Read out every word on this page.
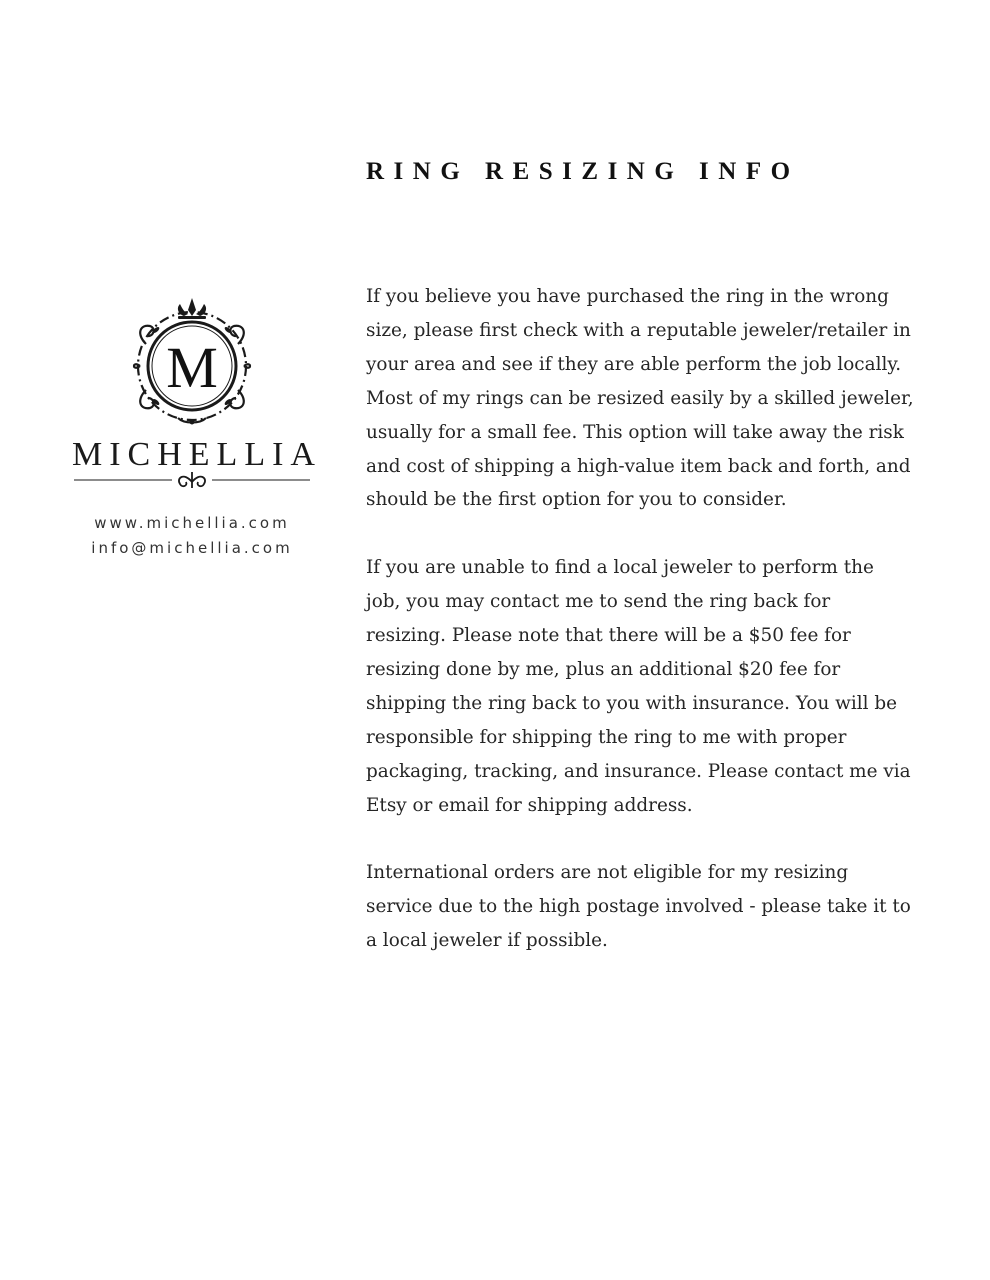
M
MICHELLIA
www.michellia.com
info@michellia.com
RING RESIZING INFO

If you believe you have purchased the ring in the wrong size, please first check with a reputable jeweler/retailer in your area and see if they are able perform the job locally. Most of my rings can be resized easily by a skilled jeweler, usually for a small fee. This option will take away the risk and cost of shipping a high-value item back and forth, and should be the first option for you to consider.

If you are unable to find a local jeweler to perform the job, you may contact me to send the ring back for resizing. Please note that there will be a $50 fee for resizing done by me, plus an additional $20 fee for shipping the ring back to you with insurance. You will be responsible for shipping the ring to me with proper packaging, tracking, and insurance. Please contact me via Etsy or email for shipping address.

International orders are not eligible for my resizing service due to the high postage involved - please take it to a local jeweler if possible.
